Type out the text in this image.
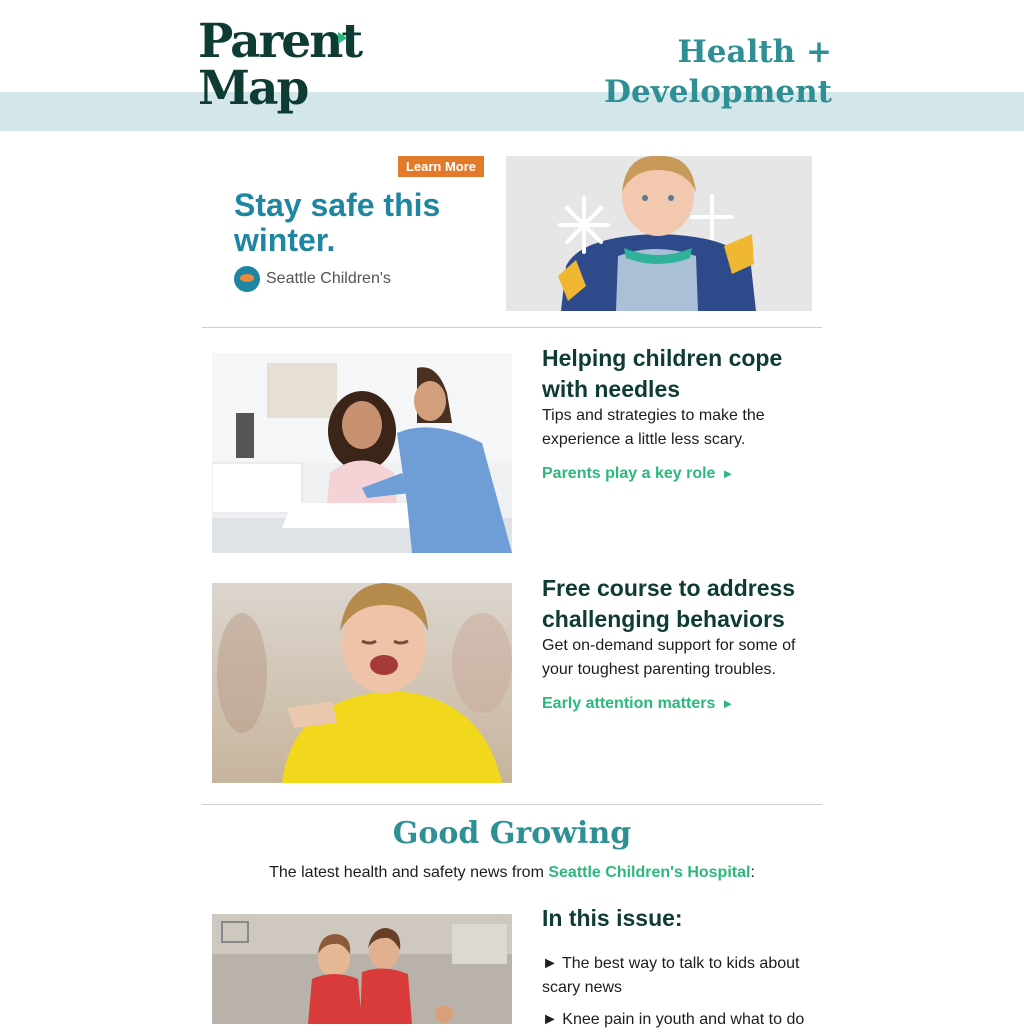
Parent
Map
Health + Development
Learn More
Stay safe this winter.
Seattle Children's
Helping children cope with needles
Tips and strategies to make the experience a little less scary.
Parents play a key role ►
Free course to address challenging behaviors
Get on-demand support for some of your toughest parenting troubles.
Early attention matters ►
Good Growing
The latest health and safety news from Seattle Children's Hospital:
In this issue:
► The best way to talk to kids about scary news
► Knee pain in youth and what to do
